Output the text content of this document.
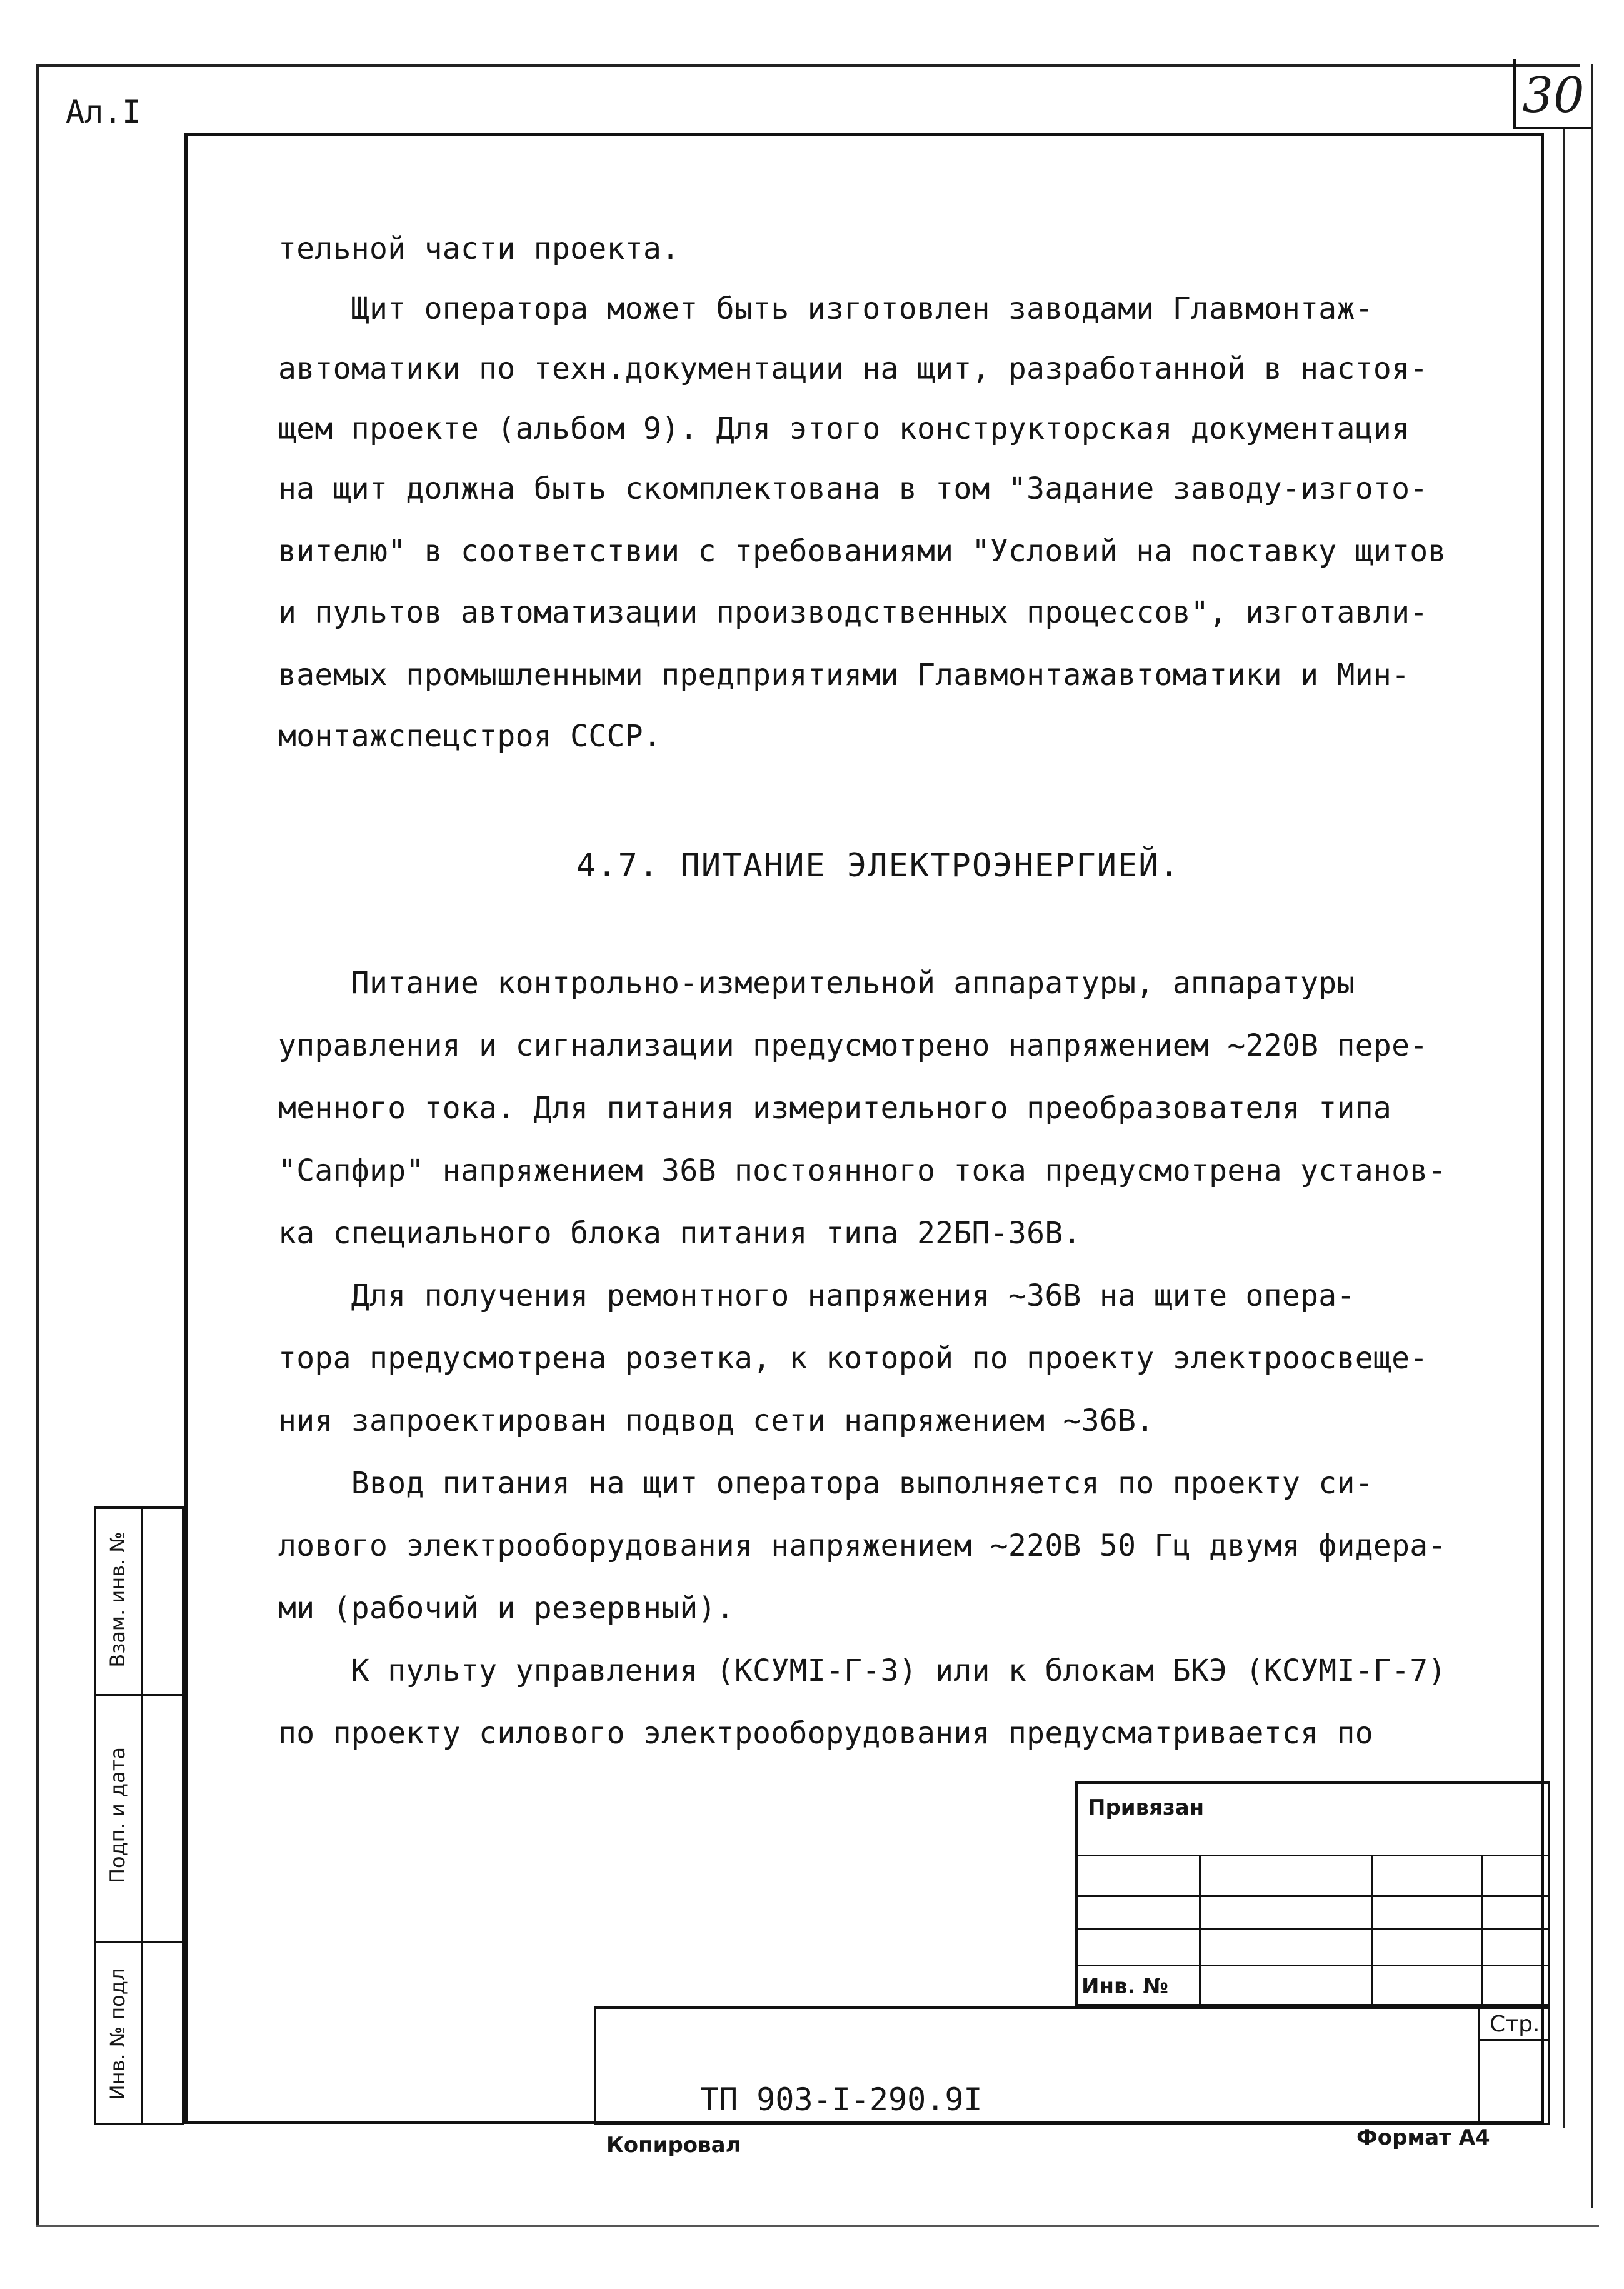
30
Ал.I
тельной части проекта.
Щит оператора может быть изготовлен заводами Главмонтаж-
автоматики по техн.документации на щит, разработанной в настоя-
щем проекте (альбом 9). Для этого конструкторская документация
на щит должна быть скомплектована в том "Задание заводу-изгото-
вителю" в соответствии с требованиями "Условий на поставку щитов
и пультов автоматизации производственных процессов", изготавли-
ваемых промышленными предприятиями Главмонтажавтоматики и Мин-
монтажспецстроя СССР.
4.7. ПИТАНИЕ ЭЛЕКТРОЭНЕРГИЕЙ.
Питание контрольно-измерительной аппаратуры, аппаратуры
управления и сигнализации предусмотрено напряжением ~220В пере-
менного тока. Для питания измерительного преобразователя типа
"Сапфир" напряжением 36В постоянного тока предусмотрена установ-
ка специального блока питания типа 22БП-36В.
Для получения ремонтного напряжения ~36В на щите опера-
тора предусмотрена розетка, к которой по проекту электроосвеще-
ния запроектирован подвод сети напряжением ~36В.
Ввод питания на щит оператора выполняется по проекту си-
лового электрооборудования напряжением ~220В 50 Гц двумя фидера-
ми (рабочий и резервный).
К пульту управления (КСУМI-Г-3) или к блокам БКЭ (КСУМI-Г-7)
по проекту силового электрооборудования предусматривается по
Взам. инв. №
Подп. и дата
Инв. № подл
Привязан
Инв. №
Стр.
ТП 903-I-290.9I
Копировал	Формат А4
